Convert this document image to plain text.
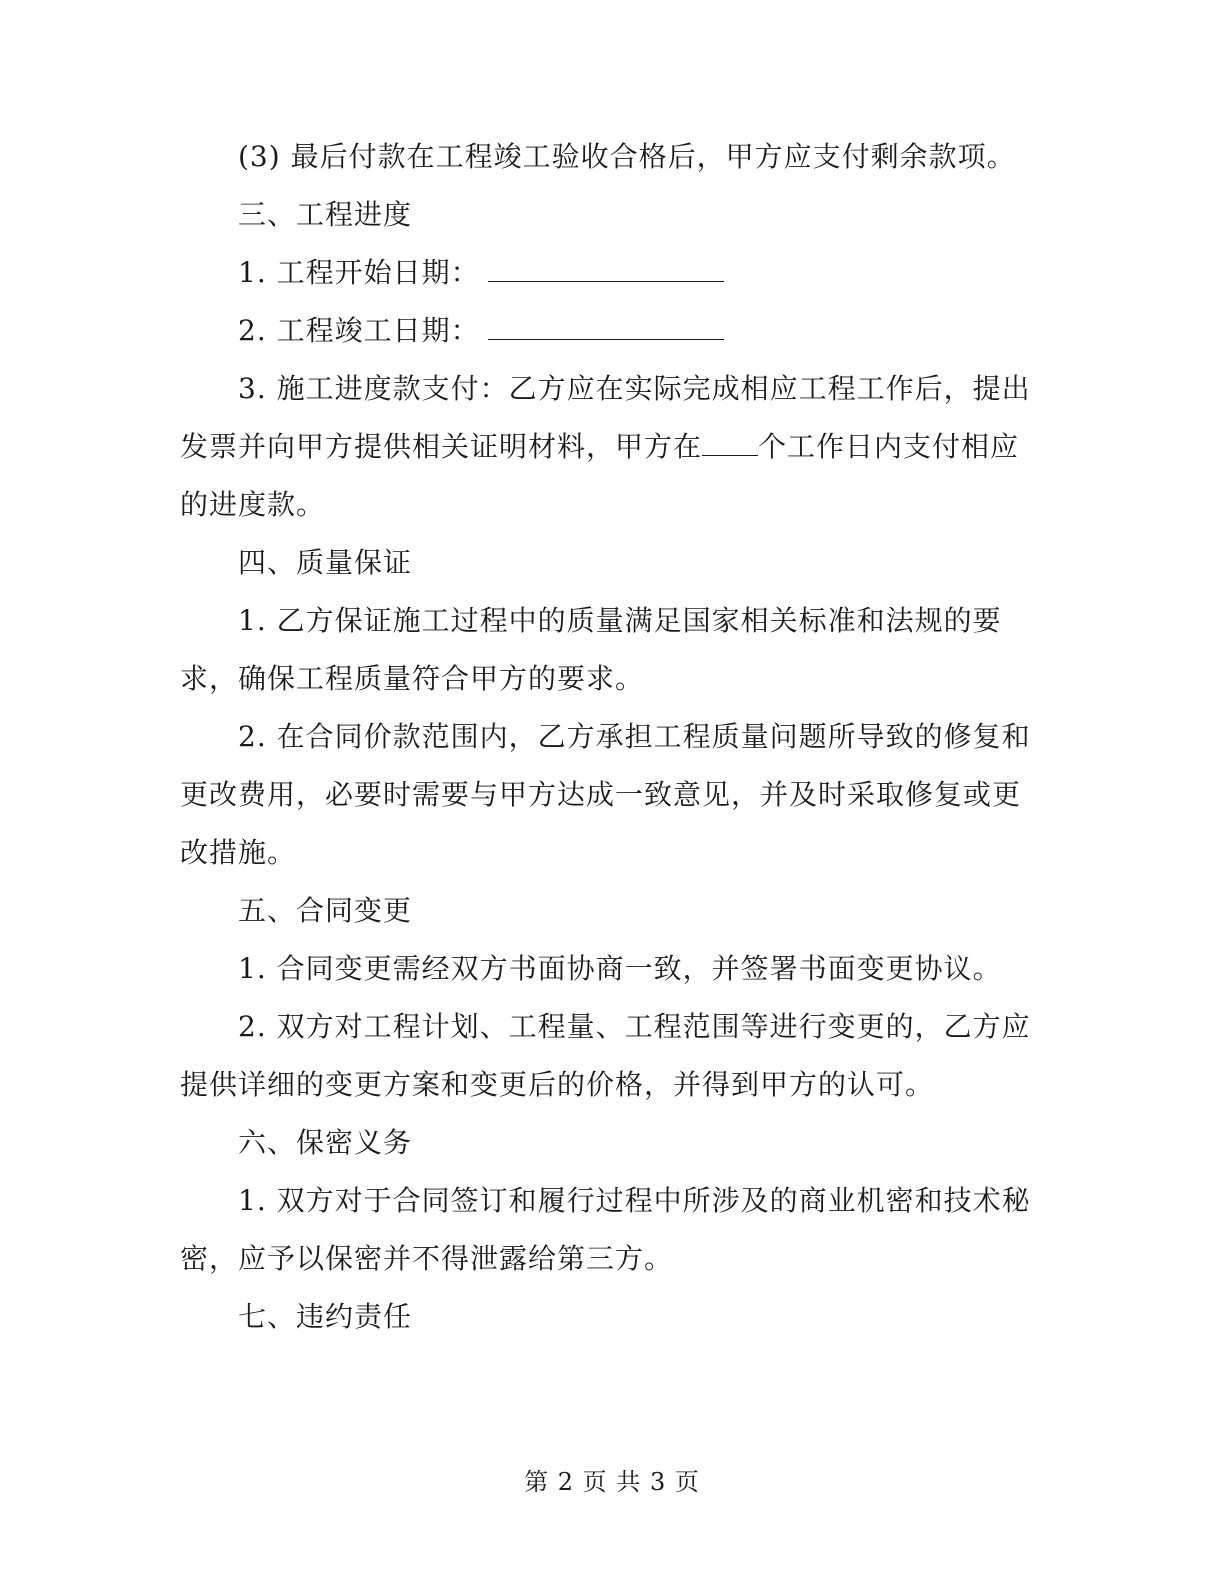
(3) 最后付款在工程竣工验收合格后，甲方应支付剩余款项。

三、工程进度

1. 工程开始日期：

2. 工程竣工日期：

3. 施工进度款支付：乙方应在实际完成相应工程工作后，提出发票并向甲方提供相关证明材料，甲方在 个工作日内支付相应的进度款。

四、质量保证

1. 乙方保证施工过程中的质量满足国家相关标准和法规的要求，确保工程质量符合甲方的要求。

2. 在合同价款范围内，乙方承担工程质量问题所导致的修复和更改费用，必要时需要与甲方达成一致意见，并及时采取修复或更改措施。

五、合同变更

1. 合同变更需经双方书面协商一致，并签署书面变更协议。

2. 双方对工程计划、工程量、工程范围等进行变更的，乙方应提供详细的变更方案和变更后的价格，并得到甲方的认可。

六、保密义务

1. 双方对于合同签订和履行过程中所涉及的商业机密和技术秘密，应予以保密并不得泄露给第三方。

七、违约责任

第 2 页 共 3 页
